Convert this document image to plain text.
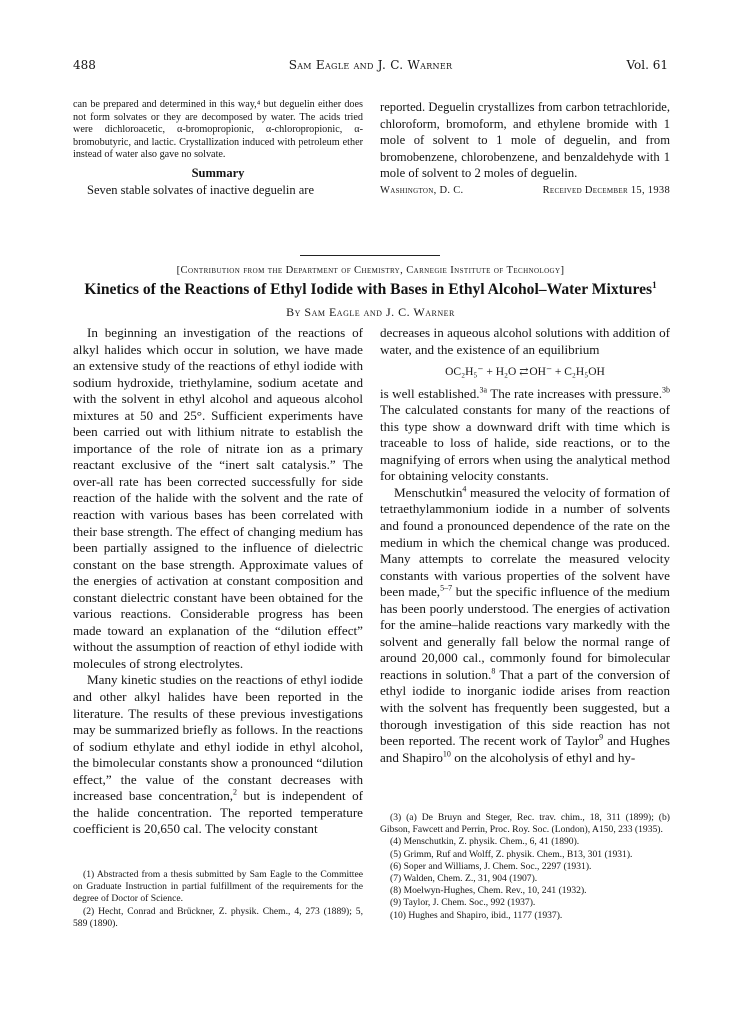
488	Sam Eagle and J. C. Warner	Vol. 61

can be prepared and determined in this way,⁴ but deguelin either does not form solvates or they are decomposed by water. The acids tried were dichloroacetic, α-bromopropionic, α-chloropropionic, α-bromobutyric, and lactic. Crystallization induced with petroleum ether instead of water also gave no solvate.

Summary

Seven stable solvates of inactive deguelin are

reported. Deguelin crystallizes from carbon tetrachloride, chloroform, bromoform, and ethylene bromide with 1 mole of solvent to 1 mole of deguelin, and from bromobenzene, chlorobenzene, and benzaldehyde with 1 mole of solvent to 2 moles of deguelin.

Washington, D. C.	Received December 15, 1938
[Contribution from the Department of Chemistry, Carnegie Institute of Technology]
Kinetics of the Reactions of Ethyl Iodide with Bases in Ethyl Alcohol–Water Mixtures$^1$
By Sam Eagle and J. C. Warner

In beginning an investigation of the reactions of alkyl halides which occur in solution, we have made an extensive study of the reactions of ethyl iodide with sodium hydroxide, triethylamine, sodium acetate and with the solvent in ethyl alcohol and aqueous alcohol mixtures at 50 and 25°. Sufficient experiments have been carried out with lithium nitrate to establish the importance of the role of nitrate ion as a primary reactant exclusive of the “inert salt catalysis.” The over-all rate has been corrected successfully for side reaction of the halide with the solvent and the rate of reaction with various bases has been correlated with their base strength. The effect of changing medium has been partially assigned to the influence of dielectric constant on the base strength. Approximate values of the energies of activation at constant composition and constant dielectric constant have been obtained for the various reactions. Considerable progress has been made toward an explanation of the “dilution effect” without the assumption of reaction of ethyl iodide with molecules of strong electrolytes.

Many kinetic studies on the reactions of ethyl iodide and other alkyl halides have been reported in the literature. The results of these previous investigations may be summarized briefly as follows. In the reactions of sodium ethylate and ethyl iodide in ethyl alcohol, the bimolecular constants show a pronounced “dilution effect,” the value of the constant decreases with increased base concentration,$^2$ but is independent of the halide concentration. The reported temperature coefficient is 20,650 cal. The velocity constant

decreases in aqueous alcohol solutions with addition of water, and the existence of an equilibrium

OC₂H₅⁻ + H₂O ⇄ OH⁻ + C₂H₅OH

is well established.$^{3a}$ The rate increases with pressure.$^{3b}$ The calculated constants for many of the reactions of this type show a downward drift with time which is traceable to loss of halide, side reactions, or to the magnifying of errors when using the analytical method for obtaining velocity constants.

Menschutkin$^4$ measured the velocity of formation of tetraethylammonium iodide in a number of solvents and found a pronounced dependence of the rate on the medium in which the chemical change was produced. Many attempts to correlate the measured velocity constants with various properties of the solvent have been made,$^{5-7}$ but the specific influence of the medium has been poorly understood. The energies of activation for the amine–halide reactions vary markedly with the solvent and generally fall below the normal range of around 20,000 cal., commonly found for bimolecular reactions in solution.$^8$ That a part of the conversion of ethyl iodide to inorganic iodide arises from reaction with the solvent has frequently been suggested, but a thorough investigation of this side reaction has not been reported. The recent work of Taylor$^9$ and Hughes and Shapiro$^{10}$ on the alcoholysis of ethyl and hy-

(1) Abstracted from a thesis submitted by Sam Eagle to the Committee on Graduate Instruction in partial fulfillment of the requirements for the degree of Doctor of Science.

(2) Hecht, Conrad and Brückner, Z. physik. Chem., 4, 273 (1889); 5, 589 (1890).

(3) (a) De Bruyn and Steger, Rec. trav. chim., 18, 311 (1899); (b) Gibson, Fawcett and Perrin, Proc. Roy. Soc. (London), A150, 233 (1935).

(4) Menschutkin, Z. physik. Chem., 6, 41 (1890).

(5) Grimm, Ruf and Wolff, Z. physik. Chem., B13, 301 (1931).

(6) Soper and Williams, J. Chem. Soc., 2297 (1931).

(7) Walden, Chem. Z., 31, 904 (1907).

(8) Moelwyn-Hughes, Chem. Rev., 10, 241 (1932).

(9) Taylor, J. Chem. Soc., 992 (1937).

(10) Hughes and Shapiro, ibid., 1177 (1937).
